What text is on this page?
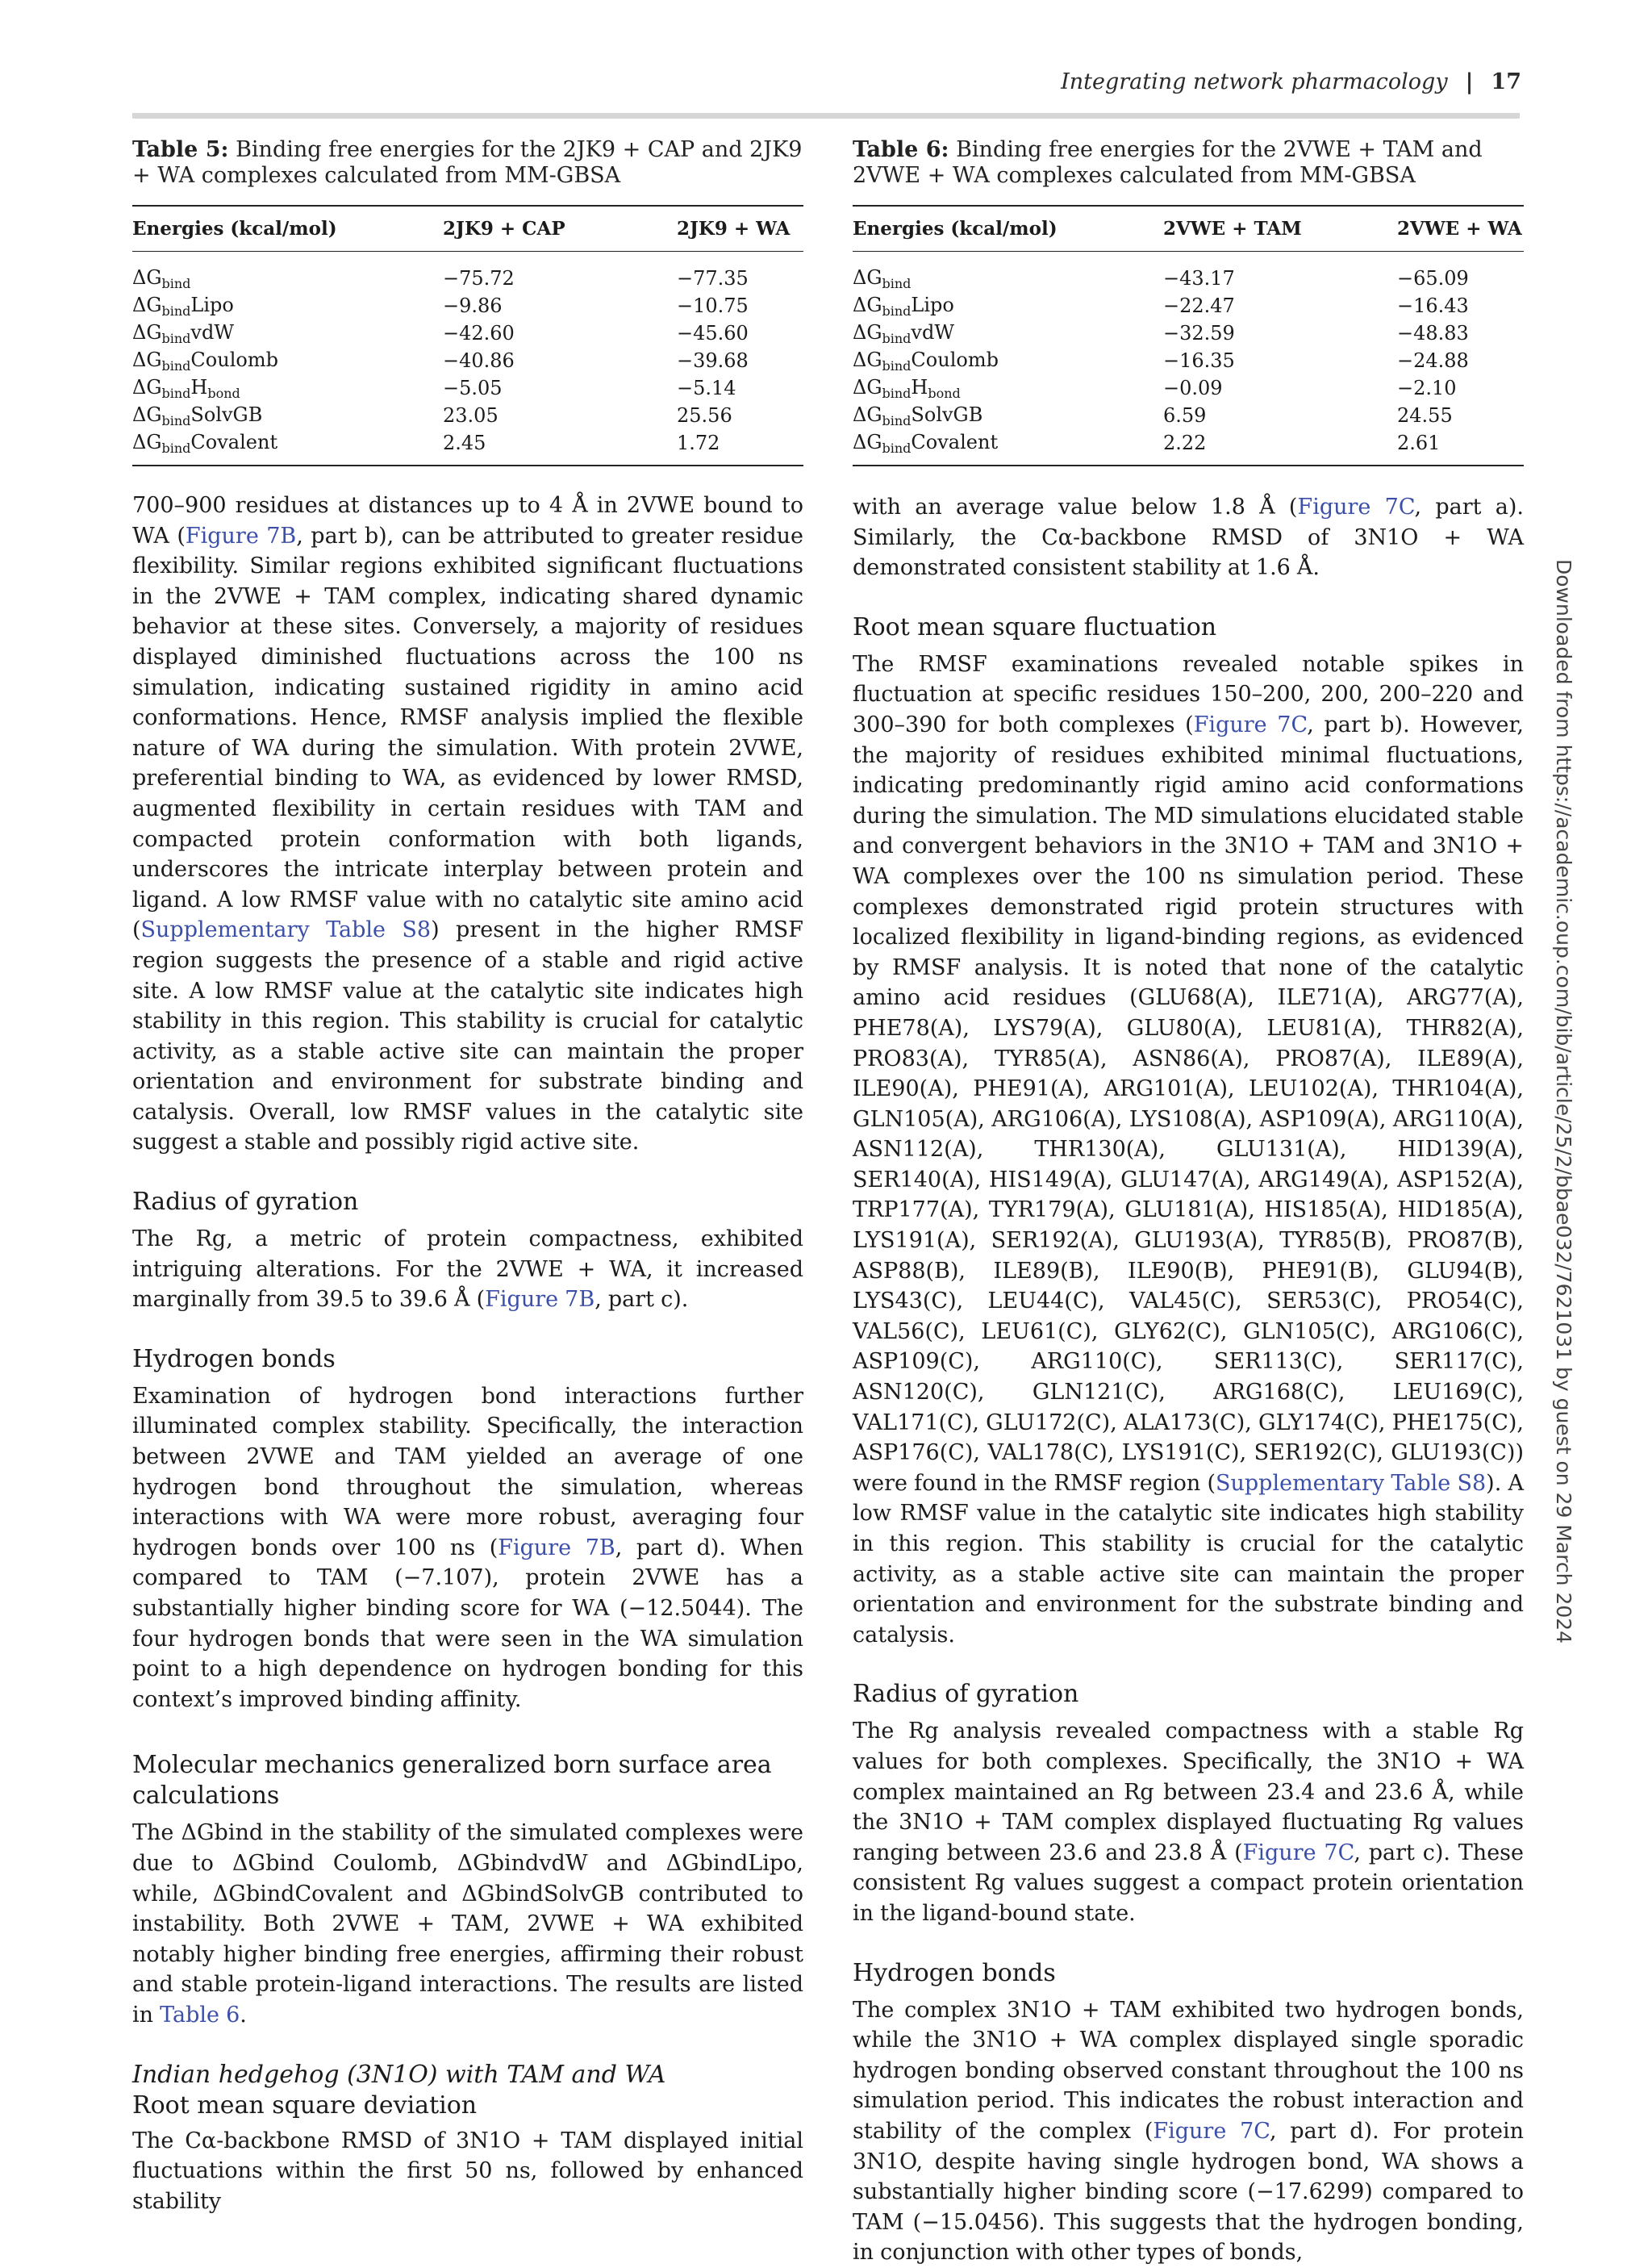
Integrating network pharmacology | 17
Downloaded from https://academic.oup.com/bib/article/25/2/bbae032/7621031 by guest on 29 March 2024

Table 5: Binding free energies for the 2JK9 + CAP and 2JK9 + WA complexes calculated from MM-GBSA

Energies (kcal/mol)	2JK9 + CAP	2JK9 + WA
$\Delta G_{bind}$	−75.72	−77.35
$\Delta G_{bind}Lipo$	−9.86	−10.75
$\Delta G_{bind}vdW$	−42.60	−45.60
$\Delta G_{bind}Coulomb$	−40.86	−39.68
$\Delta G_{bind}H_{bond}$	−5.05	−5.14
$\Delta G_{bind}SolvGB$	23.05	25.56
$\Delta G_{bind}Covalent$	2.45	1.72

700–900 residues at distances up to 4 Å in 2VWE bound to WA (Figure 7B, part b), can be attributed to greater residue flexibility. Similar regions exhibited significant fluctuations in the 2VWE + TAM complex, indicating shared dynamic behavior at these sites. Conversely, a majority of residues displayed diminished fluctuations across the 100 ns simulation, indicating sustained rigidity in amino acid conformations. Hence, RMSF analysis implied the flexible nature of WA during the simulation. With protein 2VWE, preferential binding to WA, as evidenced by lower RMSD, augmented flexibility in certain residues with TAM and compacted protein conformation with both ligands, underscores the intricate interplay between protein and ligand. A low RMSF value with no catalytic site amino acid (Supplementary Table S8) present in the higher RMSF region suggests the presence of a stable and rigid active site. A low RMSF value at the catalytic site indicates high stability in this region. This stability is crucial for catalytic activity, as a stable active site can maintain the proper orientation and environment for substrate binding and catalysis. Overall, low RMSF values in the catalytic site suggest a stable and possibly rigid active site.

Radius of gyration

The Rg, a metric of protein compactness, exhibited intriguing alterations. For the 2VWE + WA, it increased marginally from 39.5 to 39.6 Å (Figure 7B, part c).

Hydrogen bonds

Examination of hydrogen bond interactions further illuminated complex stability. Specifically, the interaction between 2VWE and TAM yielded an average of one hydrogen bond throughout the simulation, whereas interactions with WA were more robust, averaging four hydrogen bonds over 100 ns (Figure 7B, part d). When compared to TAM (−7.107), protein 2VWE has a substantially higher binding score for WA (−12.5044). The four hydrogen bonds that were seen in the WA simulation point to a high dependence on hydrogen bonding for this context’s improved binding affinity.

Molecular mechanics generalized born surface area calculations

The ΔGbind in the stability of the simulated complexes were due to ΔGbind Coulomb, ΔGbindvdW and ΔGbindLipo, while, ΔGbindCovalent and ΔGbindSolvGB contributed to instability. Both 2VWE + TAM, 2VWE + WA exhibited notably higher binding free energies, affirming their robust and stable protein-ligand interactions. The results are listed in Table 6.

Indian hedgehog (3N1O) with TAM and WA
Root mean square deviation

The Cα-backbone RMSD of 3N1O + TAM displayed initial fluctuations within the first 50 ns, followed by enhanced stability

Table 6: Binding free energies for the 2VWE + TAM and 2VWE + WA complexes calculated from MM-GBSA

Energies (kcal/mol)	2VWE + TAM	2VWE + WA
$\Delta G_{bind}$	−43.17	−65.09
$\Delta G_{bind}Lipo$	−22.47	−16.43
$\Delta G_{bind}vdW$	−32.59	−48.83
$\Delta G_{bind}Coulomb$	−16.35	−24.88
$\Delta G_{bind}H_{bond}$	−0.09	−2.10
$\Delta G_{bind}SolvGB$	6.59	24.55
$\Delta G_{bind}Covalent$	2.22	2.61

with an average value below 1.8 Å (Figure 7C, part a). Similarly, the Cα-backbone RMSD of 3N1O + WA demonstrated consistent stability at 1.6 Å.

Root mean square fluctuation

The RMSF examinations revealed notable spikes in fluctuation at specific residues 150–200, 200, 200–220 and 300–390 for both complexes (Figure 7C, part b). However, the majority of residues exhibited minimal fluctuations, indicating predominantly rigid amino acid conformations during the simulation. The MD simulations elucidated stable and convergent behaviors in the 3N1O + TAM and 3N1O + WA complexes over the 100 ns simulation period. These complexes demonstrated rigid protein structures with localized flexibility in ligand-binding regions, as evidenced by RMSF analysis. It is noted that none of the catalytic amino acid residues (GLU68(A), ILE71(A), ARG77(A), PHE78(A), LYS79(A), GLU80(A), LEU81(A), THR82(A), PRO83(A), TYR85(A), ASN86(A), PRO87(A), ILE89(A), ILE90(A), PHE91(A), ARG101(A), LEU102(A), THR104(A), GLN105(A), ARG106(A), LYS108(A), ASP109(A), ARG110(A), ASN112(A), THR130(A), GLU131(A), HID139(A), SER140(A), HIS149(A), GLU147(A), ARG149(A), ASP152(A), TRP177(A), TYR179(A), GLU181(A), HIS185(A), HID185(A), LYS191(A), SER192(A), GLU193(A), TYR85(B), PRO87(B), ASP88(B), ILE89(B), ILE90(B), PHE91(B), GLU94(B), LYS43(C), LEU44(C), VAL45(C), SER53(C), PRO54(C), VAL56(C), LEU61(C), GLY62(C), GLN105(C), ARG106(C), ASP109(C), ARG110(C), SER113(C), SER117(C), ASN120(C), GLN121(C), ARG168(C), LEU169(C), VAL171(C), GLU172(C), ALA173(C), GLY174(C), PHE175(C), ASP176(C), VAL178(C), LYS191(C), SER192(C), GLU193(C)) were found in the RMSF region (Supplementary Table S8). A low RMSF value in the catalytic site indicates high stability in this region. This stability is crucial for the catalytic activity, as a stable active site can maintain the proper orientation and environment for the substrate binding and catalysis.

Radius of gyration

The Rg analysis revealed compactness with a stable Rg values for both complexes. Specifically, the 3N1O + WA complex maintained an Rg between 23.4 and 23.6 Å, while the 3N1O + TAM complex displayed fluctuating Rg values ranging between 23.6 and 23.8 Å (Figure 7C, part c). These consistent Rg values suggest a compact protein orientation in the ligand-bound state.

Hydrogen bonds

The complex 3N1O + TAM exhibited two hydrogen bonds, while the 3N1O + WA complex displayed single sporadic hydrogen bonding observed constant throughout the 100 ns simulation period. This indicates the robust interaction and stability of the complex (Figure 7C, part d). For protein 3N1O, despite having single hydrogen bond, WA shows a substantially higher binding score (−17.6299) compared to TAM (−15.0456). This suggests that the hydrogen bonding, in conjunction with other types of bonds,
